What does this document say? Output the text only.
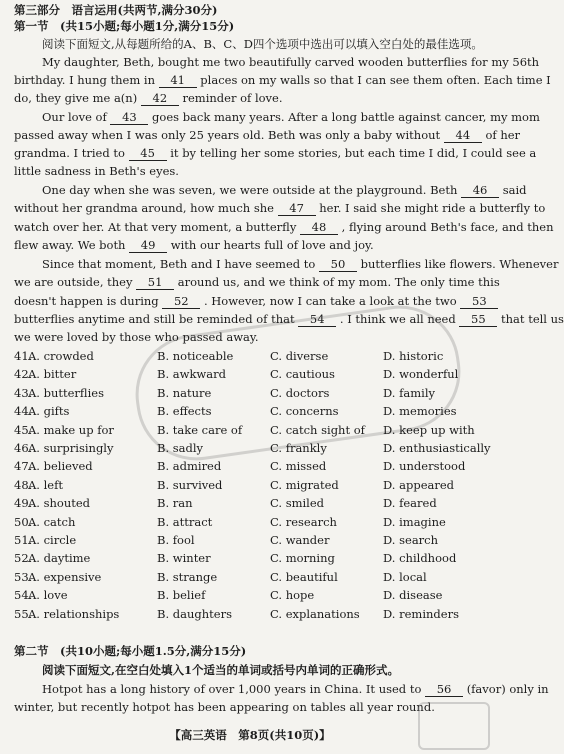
第三部分　语言运用(共两节,满分30分)
第一节　(共15小题;每小题1分,满分15分)
阅读下面短文,从每题所给的A、B、C、D四个选项中选出可以填入空白处的最佳选项。
My daughter, Beth, bought me two beautifully carved wooden butterflies for my 56th
birthday. I hung them in 41 places on my walls so that I can see them often. Each time I
do, they give me a(n) 42 reminder of love.
Our love of 43 goes back many years. After a long battle against cancer, my mom
passed away when I was only 25 years old. Beth was only a baby without 44 of her
grandma. I tried to 45 it by telling her some stories, but each time I did, I could see a
little sadness in Beth's eyes.
One day when she was seven, we were outside at the playground. Beth 46 said
without her grandma around, how much she 47 her. I said she might ride a butterfly to
watch over her. At that very moment, a butterfly 48 , flying around Beth's face, and then
flew away. We both 49 with our hearts full of love and joy.
Since that moment, Beth and I have seemed to 50 butterflies like flowers. Whenever
we are outside, they 51 around us, and we think of my mom. The only time this
doesn't happen is during 52 . However, now I can take a look at the two 53
butterflies anytime and still be reminded of that 54 . I think we all need 55 that tell us
we were loved by those who passed away.
41.
A. crowded	B. noticeable	C. diverse	D. historic
42.
A. bitter	B. awkward	C. cautious	D. wonderful
43.
A. butterflies	B. nature	C. doctors	D. family
44.
A. gifts	B. effects	C. concerns	D. memories
45.
A. make up for	B. take care of C. catch sight of D. keep up with
46.
A. surprisingly	B. sadly	C. frankly	D. enthusiastically
47.
A. believed	B. admired	C. missed	D. understood
48.
A. left	B. survived	C. migrated	D. appeared
49.
A. shouted	B. ran	C. smiled	D. feared
50.
A. catch	B. attract	C. research	D. imagine
51.
A. circle	B. fool	C. wander	D. search
52.
A. daytime	B. winter	C. morning	D. childhood
53.
A. expensive	B. strange	C. beautiful	D. local
54.
A. love	B. belief	C. hope	D. disease
55.
A. relationships	B. daughters	C. explanations D. reminders
第二节　(共10小题;每小题1.5分,满分15分)
阅读下面短文,在空白处填入1个适当的单词或括号内单词的正确形式。
Hotpot has a long history of over 1,000 years in China. It used to 56 (favor) only in
winter, but recently hotpot has been appearing on tables all year round.
【高三英语　第8页(共10页)】
